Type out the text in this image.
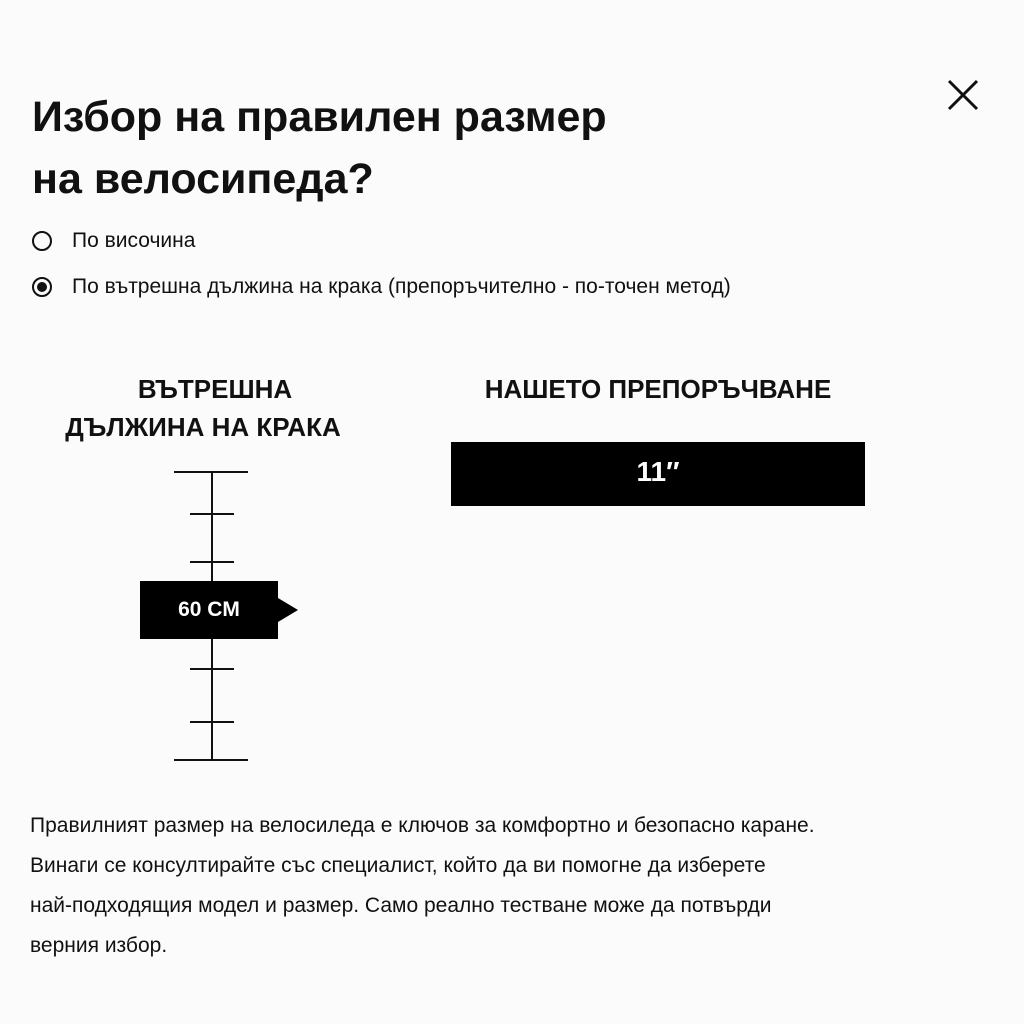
Избор на правилен размер
на велосипеда?
По височина
По вътрешна дължина на крака (препоръчително - по-точен метод)
ВЪТРЕШНА
ДЪЛЖИНА НА КРАКА
60 CM
НАШЕТО ПРЕПОРЪЧВАНЕ
11″

Правилният размер на велосиледа е ключов за комфортно и безопасно каране.
Винаги се консултирайте със специалист, който да ви помогне да изберете
най-подходящия модел и размер. Само реално тестване може да потвърди
верния избор.
